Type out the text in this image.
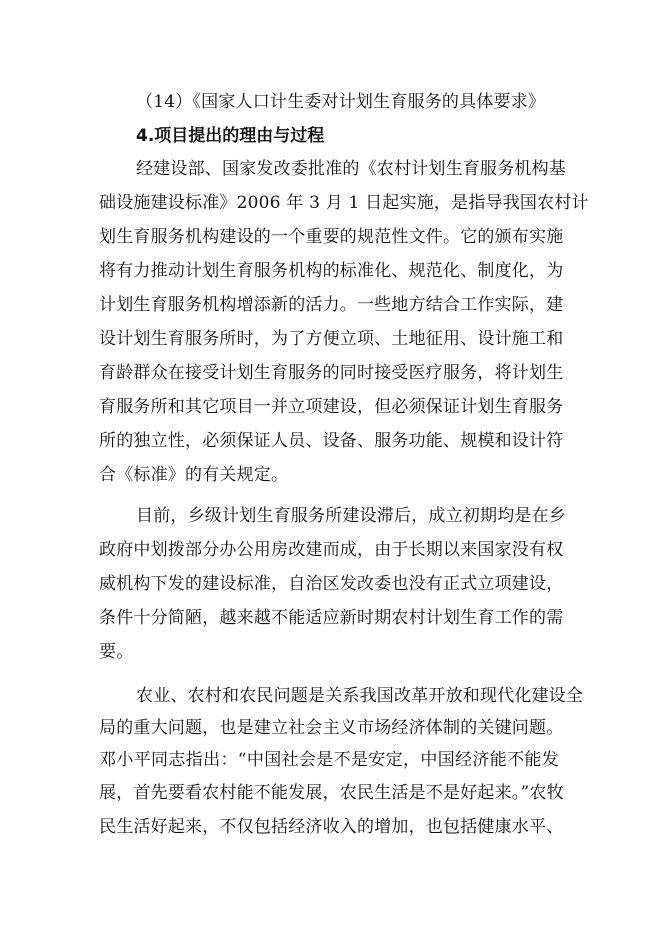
（14）《国家人口计生委对计划生育服务的具体要求》
4.项目提出的理由与过程
经建设部、国家发改委批准的《农村计划生育服务机构基
础设施建设标准》2006 年 3 月 1 日起实施，是指导我国农村计
划生育服务机构建设的一个重要的规范性文件。它的颁布实施
将有力推动计划生育服务机构的标准化、规范化、制度化，为
计划生育服务机构增添新的活力。一些地方结合工作实际，建
设计划生育服务所时，为了方便立项、土地征用、设计施工和
育龄群众在接受计划生育服务的同时接受医疗服务，将计划生
育服务所和其它项目一并立项建设，但必须保证计划生育服务
所的独立性，必须保证人员、设备、服务功能、规模和设计符
合《标准》的有关规定。
目前，乡级计划生育服务所建设滞后，成立初期均是在乡
政府中划拨部分办公用房改建而成，由于长期以来国家没有权
威机构下发的建设标准，自治区发改委也没有正式立项建设，
条件十分简陋，越来越不能适应新时期农村计划生育工作的需
要。
农业、农村和农民问题是关系我国改革开放和现代化建设全
局的重大问题，也是建立社会主义市场经济体制的关键问题。
邓小平同志指出：“中国社会是不是安定，中国经济能不能发
展，首先要看农村能不能发展，农民生活是不是好起来。”农牧
民生活好起来，不仅包括经济收入的增加，也包括健康水平、
